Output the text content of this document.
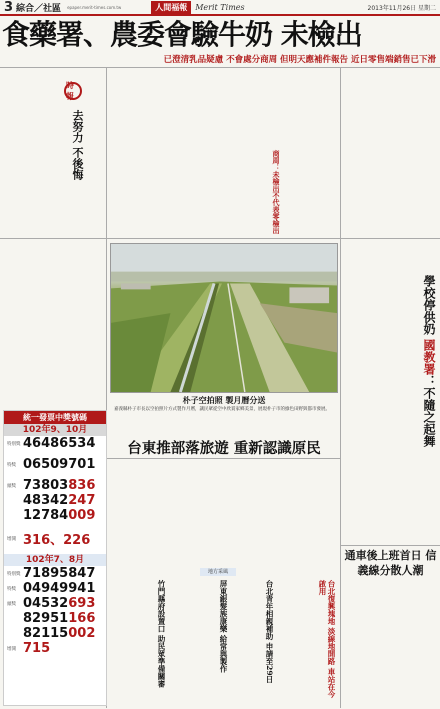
3 綜合／社區 epaper.merit-times.com.tw	人間福報	Merit Times	2013年11月26日 星期二
食藥署、農委會驗牛奶 未檢出
已澄清乳品疑慮 不會處分商周 但明天應補件報告 近日零售端銷售已下滑
時報
去努力 不後悔
商周：未檢出不代表零檢出
朴子空拍照 製月曆分送
嘉義縣朴子市長以空拍照片方式製作月曆，讓民眾從空中欣賞家鄉美景，展現朴子市的綠色田野與都市發展。
台東推部落旅遊 重新認識原民
學校停供奶 國教署：不隨之起舞
統一發票中獎號碼
102年9、10月
特別獎 46486534
特獎 06509701
頭獎 73803836
48342247
12784009
增開 316、226
102年7、8月
特別獎 71895847
特獎 04949941
頭獎 04532693
82951166
82115002
增開 715
地方采風
台北青年相親補助 申請至29日
屏東銀髮族康樂 給常與製作
竹門縣府設置口 助民眾準備關審	台北復興塊地 淡線地開路 車站在今啟用
通車後上班首日 信義線分散人潮
